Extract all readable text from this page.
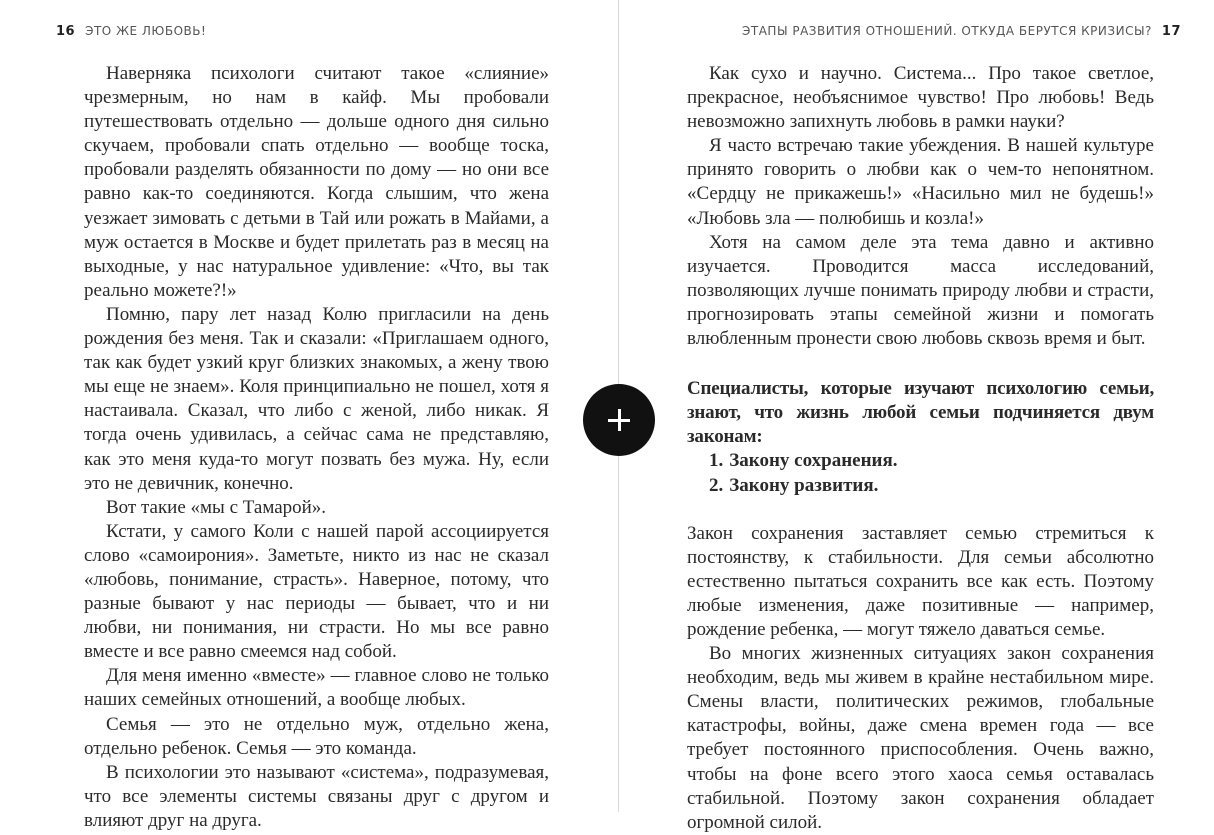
16 ЭТО ЖЕ ЛЮБОВЬ!

Наверняка психологи считают такое «слияние» чрезмерным, но нам в кайф. Мы пробовали путешествовать отдельно — дольше одного дня сильно скучаем, пробовали спать отдельно — вообще тоска, пробовали разделять обязанности по дому — но они все равно как-то соединяются. Когда слышим, что жена уезжает зимовать с детьми в Тай или рожать в Майами, а муж остается в Москве и будет прилетать раз в месяц на выходные, у нас натуральное удивление: «Что, вы так реально можете?!»

Помню, пару лет назад Колю пригласили на день рождения без меня. Так и сказали: «Приглашаем одного, так как будет узкий круг близких знакомых, а жену твою мы еще не знаем». Коля принципиально не пошел, хотя я настаивала. Сказал, что либо с женой, либо никак. Я тогда очень удивилась, а сейчас сама не представляю, как это меня куда-то могут позвать без мужа. Ну, если это не девичник, конечно.

Вот такие «мы с Тамарой».

Кстати, у самого Коли с нашей парой ассоциируется слово «самоирония». Заметьте, никто из нас не сказал «любовь, понимание, страсть». Наверное, потому, что разные бывают у нас периоды — бывает, что и ни любви, ни понимания, ни страсти. Но мы все равно вместе и все равно смеемся над собой.

Для меня именно «вместе» — главное слово не только наших семейных отношений, а вообще любых.

Семья — это не отдельно муж, отдельно жена, отдельно ребенок. Семья — это команда.

В психологии это называют «система», подразумевая, что все элементы системы связаны друг с другом и влияют друг на друга.

ЭТАПЫ РАЗВИТИЯ ОТНОШЕНИЙ. ОТКУДА БЕРУТСЯ КРИЗИСЫ? 17

Как сухо и научно. Система... Про такое светлое, прекрасное, необъяснимое чувство! Про любовь! Ведь невозможно запихнуть любовь в рамки науки?

Я часто встречаю такие убеждения. В нашей культуре принято говорить о любви как о чем-то непонятном. «Сердцу не прикажешь!» «Насильно мил не будешь!» «Любовь зла — полюбишь и козла!»

Хотя на самом деле эта тема давно и активно изучается. Проводится масса исследований, позволяющих лучше понимать природу любви и страсти, прогнозировать этапы семейной жизни и помогать влюбленным пронести свою любовь сквозь время и быт.

Специалисты, которые изучают психологию семьи, знают, что жизнь любой семьи подчиняется двум законам:

1. Закону сохранения.
2. Закону развития.

Закон сохранения заставляет семью стремиться к постоянству, к стабильности. Для семьи абсолютно естественно пытаться сохранить все как есть. Поэтому любые изменения, даже позитивные — например, рождение ребенка, — могут тяжело даваться семье.

Во многих жизненных ситуациях закон сохранения необходим, ведь мы живем в крайне нестабильном мире. Смены власти, политических режимов, глобальные катастрофы, войны, даже смена времен года — все требует постоянного приспособления. Очень важно, чтобы на фоне всего этого хаоса семья оставалась стабильной. Поэтому закон сохранения обладает огромной силой.
